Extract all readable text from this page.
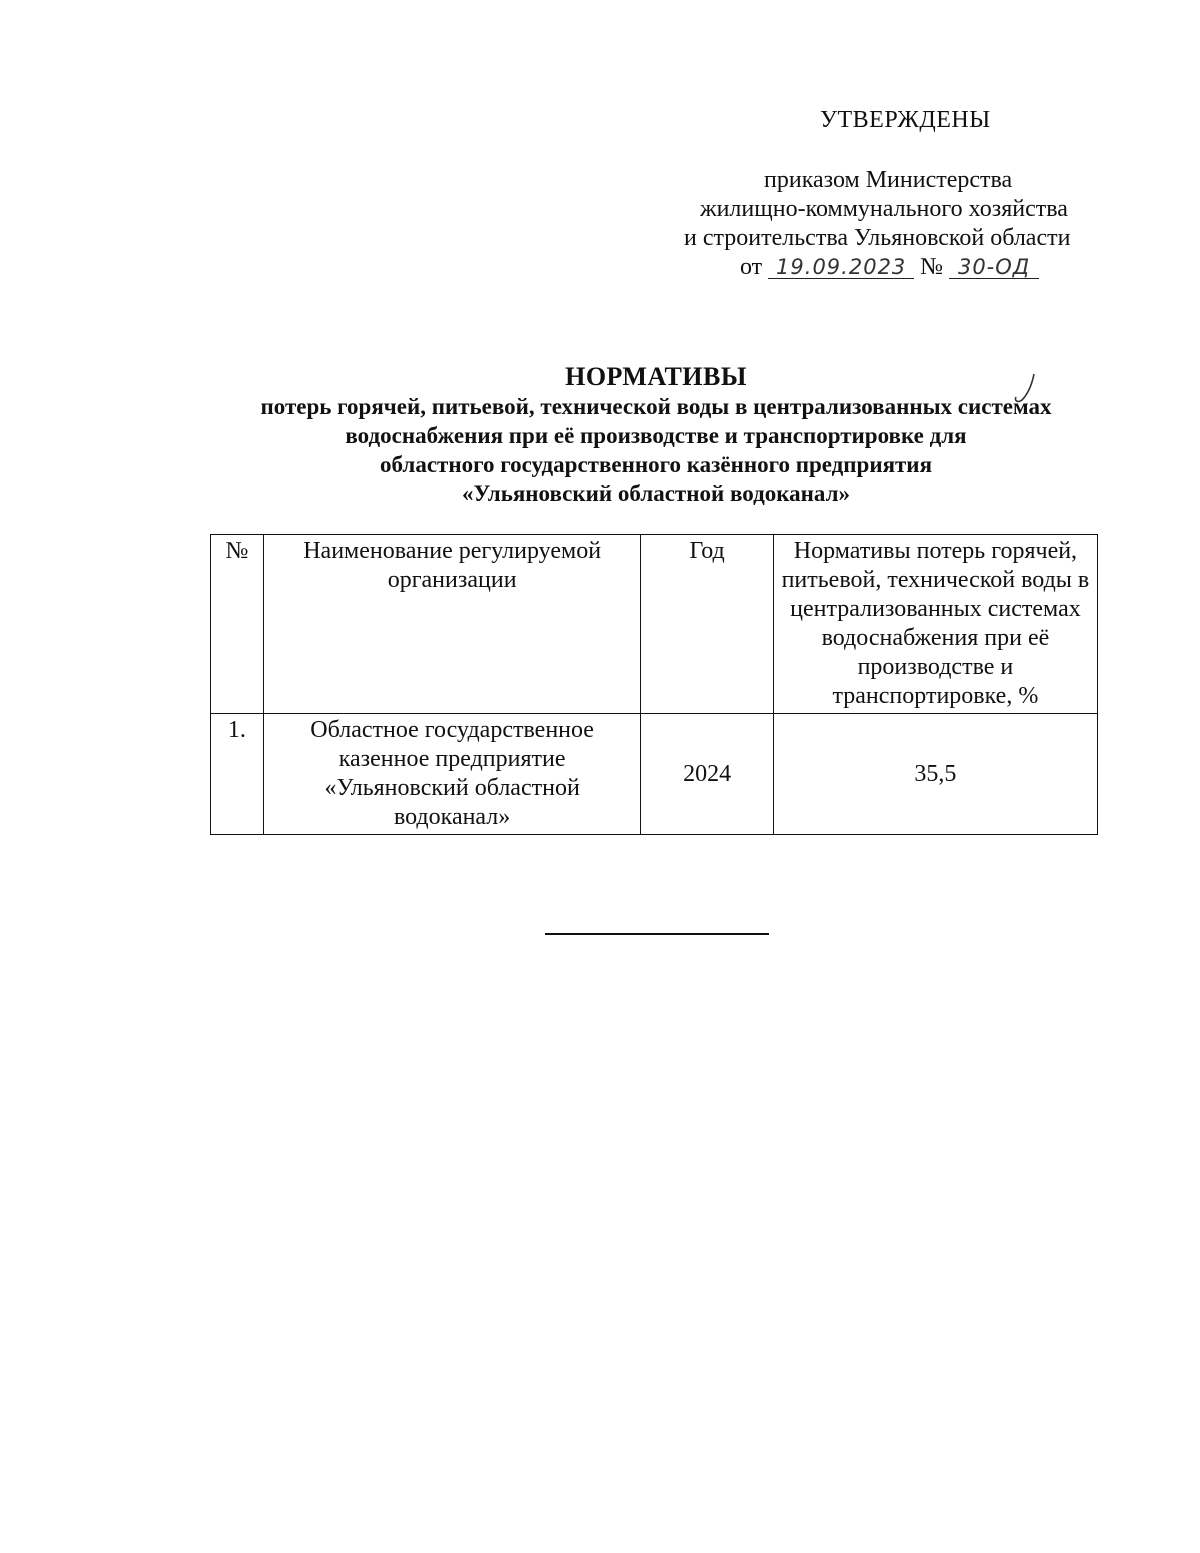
УТВЕРЖДЕНЫ
приказом Министерства
жилищно-коммунального хозяйства
и строительства Ульяновской области
от 19.09.2023 № 30-ОД
НОРМАТИВЫ
потерь горячей, питьевой, технической воды в централизованных системах
водоснабжения при её производстве и транспортировке для
областного государственного казённого предприятия
«Ульяновский областной водоканал»
№	Наименование регулируемой организации	Год	Нормативы потерь горячей, питьевой, технической воды в централизованных системах водоснабжения при её производстве и транспортировке, %
1.	Областное государственное казенное предприятие «Ульяновский областной водоканал»	2024	35,5
